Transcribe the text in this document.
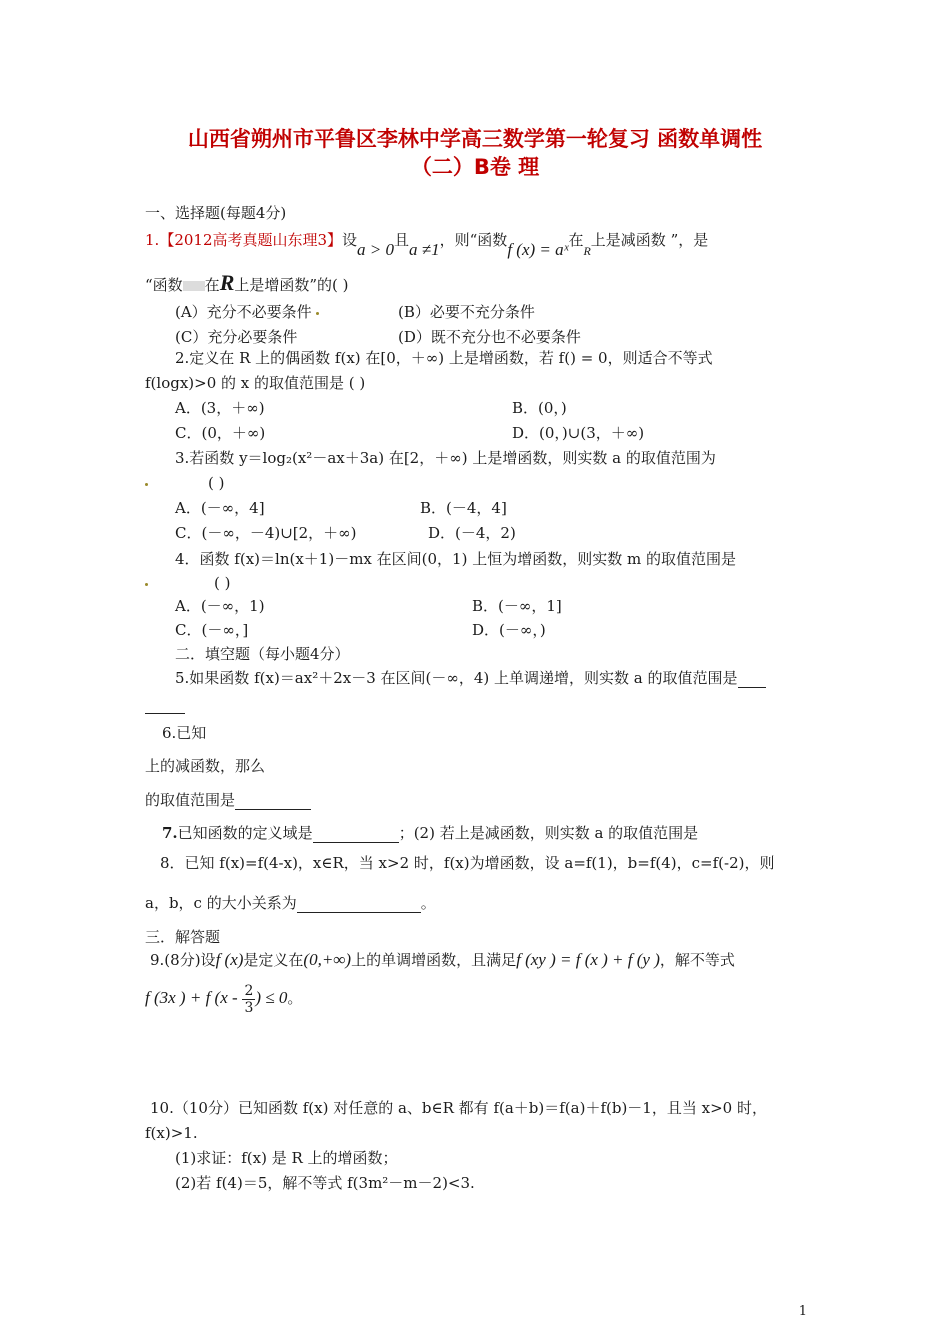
山西省朔州市平鲁区李林中学高三数学第一轮复习 函数单调性
（二）B卷 理
一、选择题(每题4分)
1.【2012高考真题山东理3】设a > 0且a ≠1，则“函数f (x) = aˣ在$_R$上是减函数 ”，是
“函数 在R上是增函数”的( )
(A）充分不必要条件	(B）必要不充分条件
(C）充分必要条件	(D）既不充分也不必要条件
2.定义在 R 上的偶函数 f(x) 在[0，＋∞) 上是增函数，若 f() = 0，则适合不等式
f(logx)>0 的 x 的取值范围是 ( )
A．(3，＋∞)	B．(0，)
C．(0，＋∞)	D．(0，)∪(3，＋∞)
3.若函数 y＝log₂(x²－ax＋3a) 在[2，＋∞) 上是增函数，则实数 a 的取值范围为
( )
A．(－∞，4]	B．(－4，4]
C．(－∞，－4)∪[2，＋∞)	D．(－4，2)
4．函数 f(x)＝ln(x＋1)－mx 在区间(0，1) 上恒为增函数，则实数 m 的取值范围是
( )
A．(－∞，1)	B．(－∞，1]
C．(－∞，]	D．(－∞，)
二．填空题（每小题4分）
5.如果函数 f(x)＝ax²＋2x－3 在区间(－∞，4) 上单调递增，则实数 a 的取值范围是
6.已知
上的减函数，那么
的取值范围是
7.已知函数的定义域是	；(2) 若上是减函数，则实数 a 的取值范围是
8．已知 f(x)=f(4-x)，x∈R，当 x>2 时，f(x)为增函数，设 a=f(1)，b=f(4)，c=f(-2)，则
a，b，c 的大小关系为	。
三．解答题
9.(8分)设f (x)是定义在(0,+∞)上的单调增函数，且满足f (xy ) = f (x ) + f (y )，解不等式
f (3x ) + f ($x - \frac{2}{3}$ ) ≤ 0。
10.（10分）已知函数 f(x) 对任意的 a、b∈R 都有 f(a＋b)＝f(a)＋f(b)－1，且当 x>0 时，
f(x)>1.
(1)求证：f(x) 是 R 上的增函数；
(2)若 f(4)＝5，解不等式 f(3m²－m－2)<3.
1
